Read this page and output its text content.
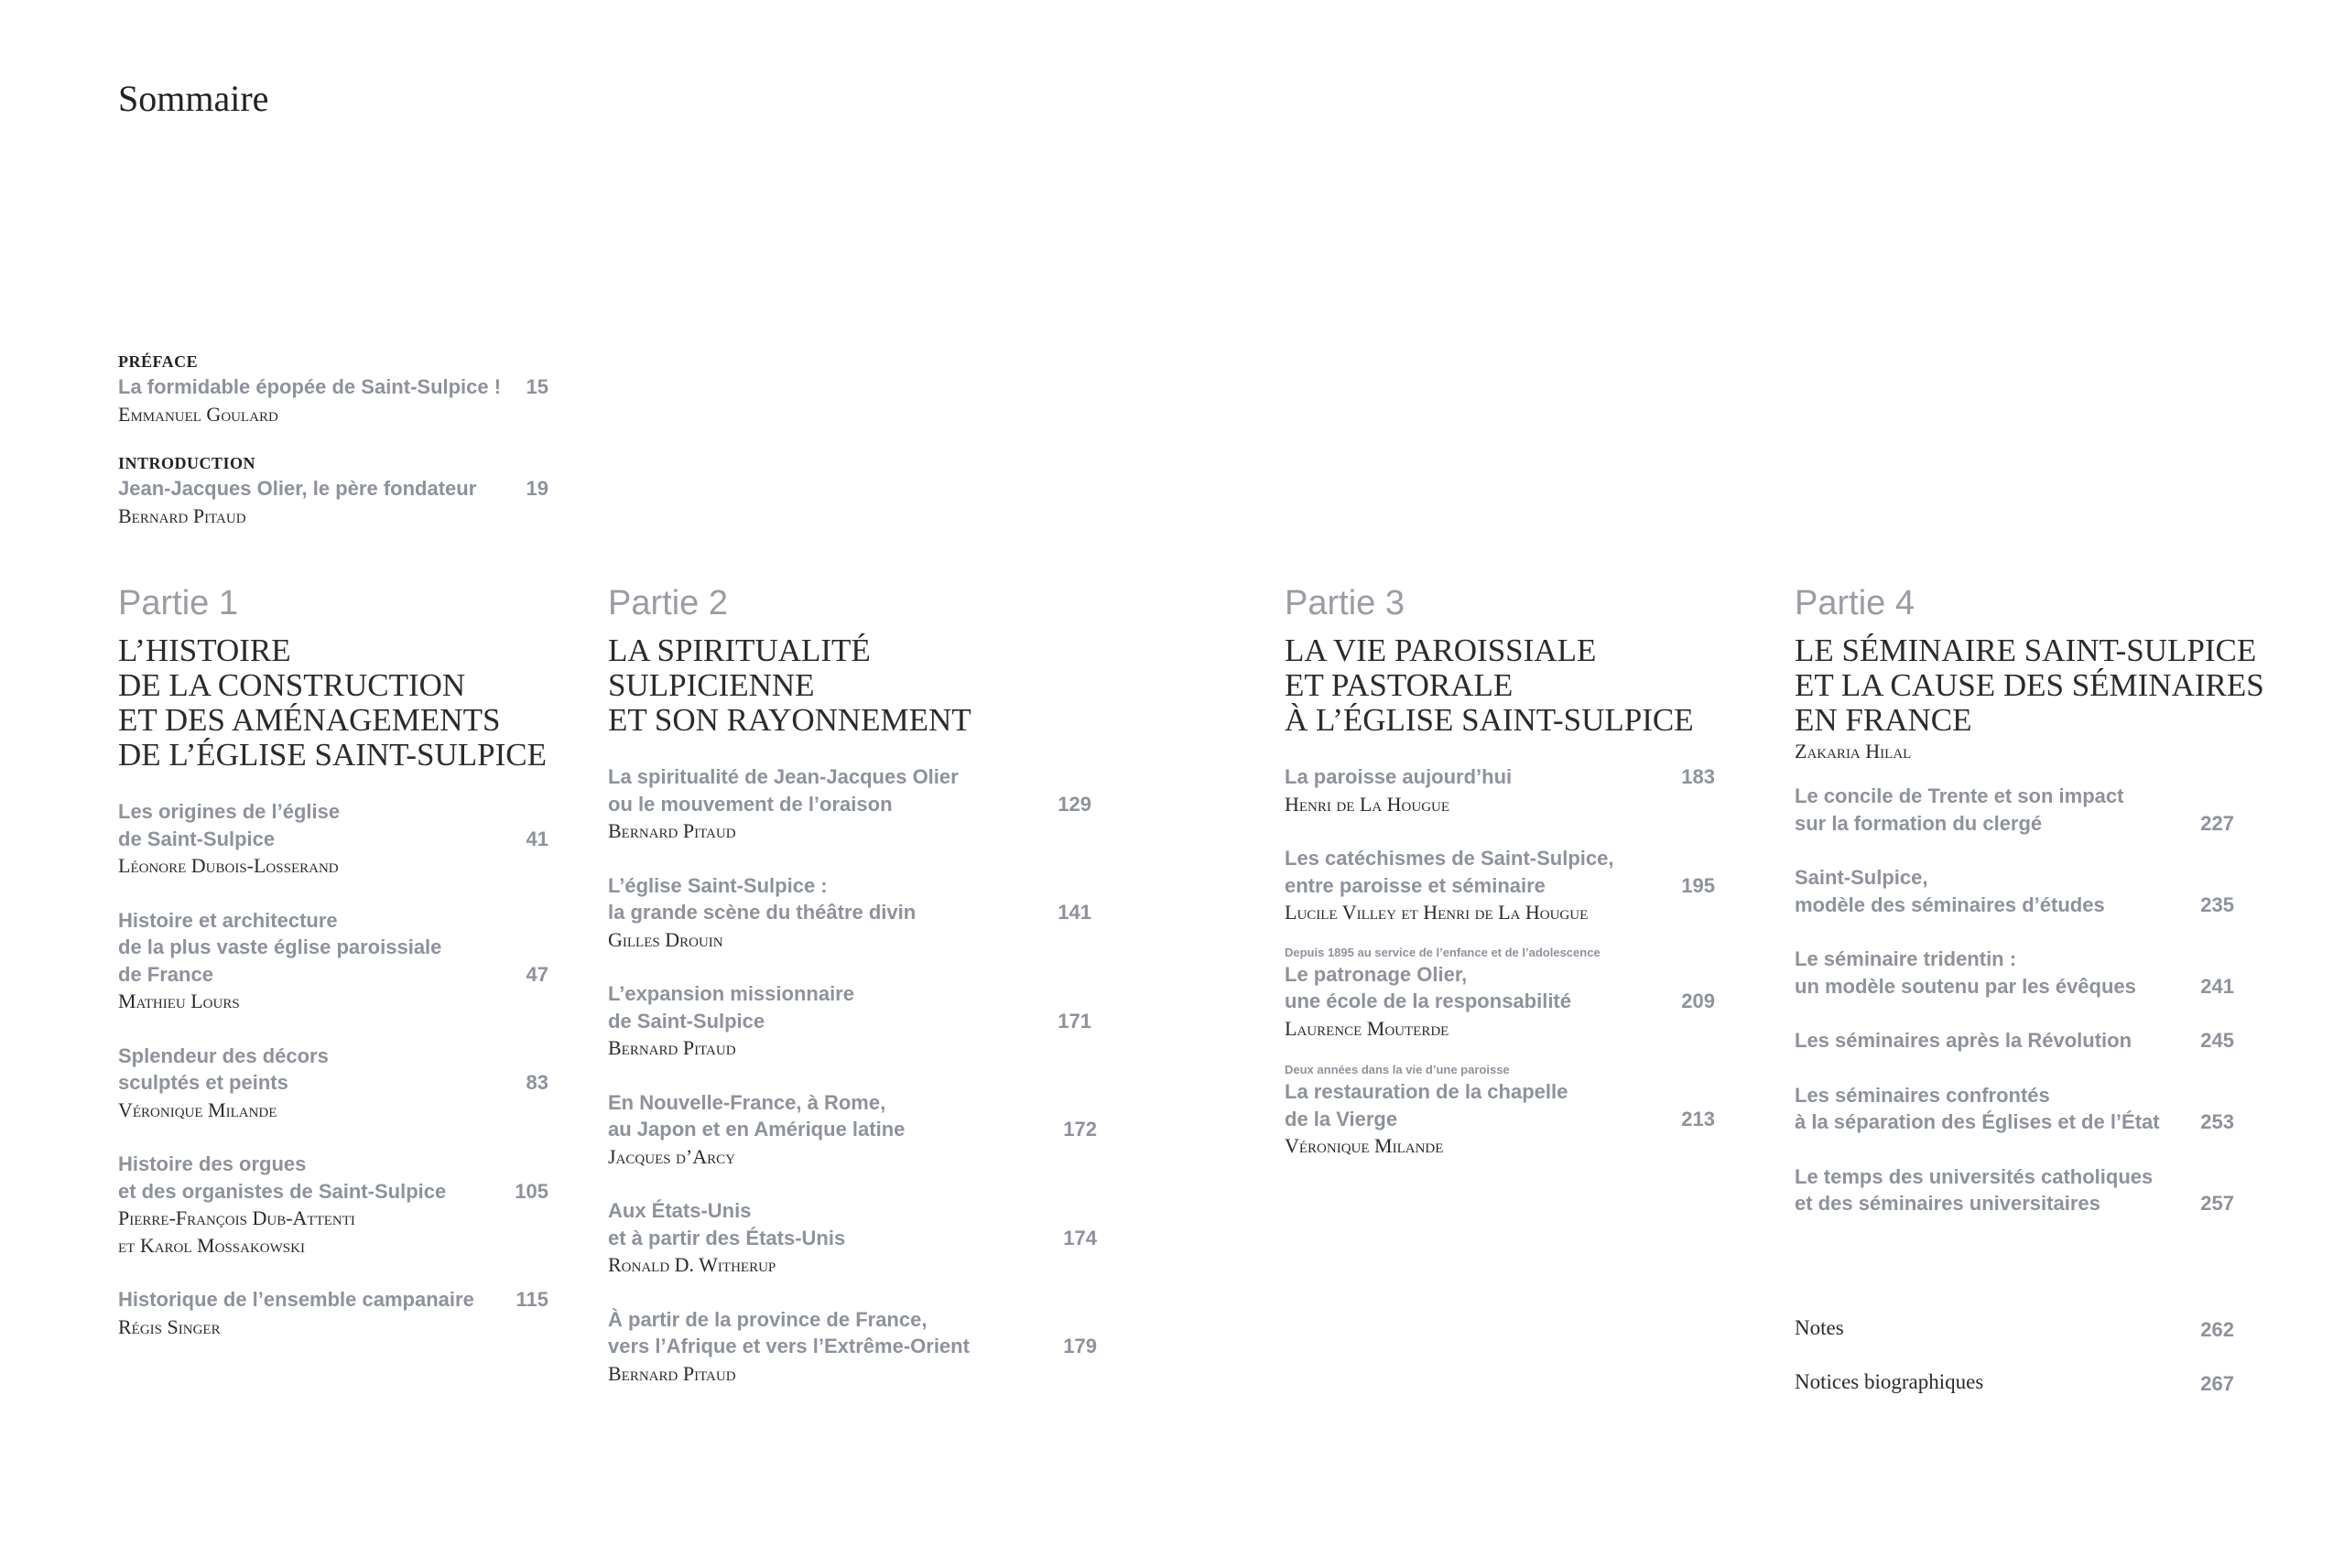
Sommaire
PRÉFACE
La formidable épopée de Saint-Sulpice !	15
Emmanuel Goulard
INTRODUCTION
Jean-Jacques Olier, le père fondateur	19
Bernard Pitaud
Partie 1
L’HISTOIRE
DE LA CONSTRUCTION
ET DES AMÉNAGEMENTS
DE L’ÉGLISE SAINT-SULPICE
Les origines de l’église
de Saint-Sulpice	41
Léonore Dubois-Losserand
Histoire et architecture
de la plus vaste église paroissiale
de France	47
Mathieu Lours
Splendeur des décors
sculptés et peints	83
Véronique Milande
Histoire des orgues
et des organistes de Saint-Sulpice	105
Pierre-François Dub-Attenti
et Karol Mossakowski
Historique de l’ensemble campanaire	115
Régis Singer
Partie 2
LA SPIRITUALITÉ
SULPICIENNE
ET SON RAYONNEMENT
La spiritualité de Jean-Jacques Olier
ou le mouvement de l’oraison	129
Bernard Pitaud
L’église Saint-Sulpice :
la grande scène du théâtre divin	141
Gilles Drouin
L’expansion missionnaire
de Saint-Sulpice	171
Bernard Pitaud
En Nouvelle-France, à Rome,
au Japon et en Amérique latine	172
Jacques d’Arcy
Aux États-Unis
et à partir des États-Unis	174
Ronald D. Witherup
À partir de la province de France,
vers l’Afrique et vers l’Extrême-Orient	179
Bernard Pitaud
Partie 3
LA VIE PAROISSIALE
ET PASTORALE
À L’ÉGLISE SAINT-SULPICE
La paroisse aujourd’hui	183
Henri de La Hougue
Les catéchismes de Saint-Sulpice,
entre paroisse et séminaire	195
Lucile Villey et Henri de La Hougue
Depuis 1895 au service de l’enfance et de l’adolescence
Le patronage Olier,
une école de la responsabilité	209
Laurence Mouterde
Deux années dans la vie d’une paroisse
La restauration de la chapelle
de la Vierge	213
Véronique Milande
Partie 4
LE SÉMINAIRE SAINT-SULPICE
ET LA CAUSE DES SÉMINAIRES
EN FRANCE
Zakaria Hilal
Le concile de Trente et son impact
sur la formation du clergé	227
Saint-Sulpice,
modèle des séminaires d’études	235
Le séminaire tridentin :
un modèle soutenu par les évêques	241
Les séminaires après la Révolution	245
Les séminaires confrontés
à la séparation des Églises et de l’État	253
Le temps des universités catholiques
et des séminaires universitaires	257
Notes	262
Notices biographiques	267
